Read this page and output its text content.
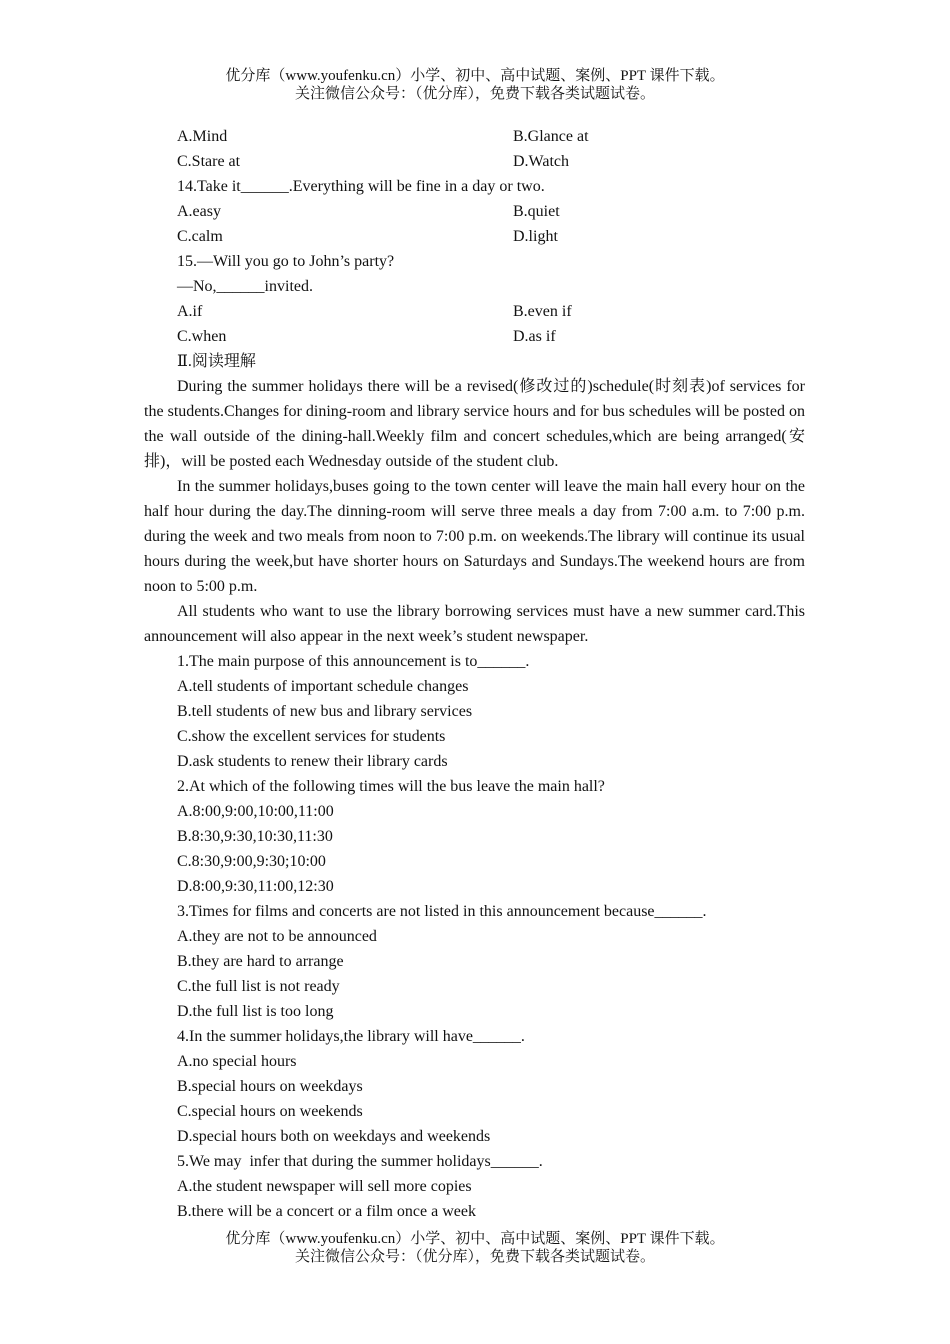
优分库（www.youfenku.cn）小学、初中、高中试题、案例、PPT 课件下载。
关注微信公众号：（优分库），免费下载各类试题试卷。
A.Mind	B.Glance at
C.Stare at	D.Watch
14.Take it______.Everything will be fine in a day or two.
A.easy	B.quiet
C.calm	D.light
15.—Will you go to John’s party?
—No,______invited.
A.if	B.even if
C.when	D.as if
Ⅱ.阅读理解

During the summer holidays there will be a revised(修改过的)schedule(时刻表)of services for the students.Changes for dining-room and library service hours and for bus schedules will be posted on the wall outside of the dining-hall.Weekly film and concert schedules,which are being arranged(安排)，will be posted each Wednesday outside of the student club.

In the summer holidays,buses going to the town center will leave the main hall every hour on the half hour during the day.The dinning-room will serve three meals a day from 7:00 a.m. to 7:00 p.m. during the week and two meals from noon to 7:00 p.m. on weekends.The library will continue its usual hours during the week,but have shorter hours on Saturdays and Sundays.The weekend hours are from noon to 5:00 p.m.

All students who want to use the library borrowing services must have a new summer card.This announcement will also appear in the next week’s student newspaper.

1.The main purpose of this announcement is to______.
A.tell students of important schedule changes
B.tell students of new bus and library services
C.show the excellent services for students
D.ask students to renew their library cards
2.At which of the following times will the bus leave the main hall?
A.8:00,9:00,10:00,11:00
B.8:30,9:30,10:30,11:30
C.8:30,9:00,9:30;10:00
D.8:00,9:30,11:00,12:30
3.Times for films and concerts are not listed in this announcement because______.
A.they are not to be announced
B.they are hard to arrange
C.the full list is not ready
D.the full list is too long
4.In the summer holidays,the library will have______.
A.no special hours
B.special hours on weekdays
C.special hours on weekends
D.special hours both on weekdays and weekends
5.We may  infer that during the summer holidays______.
A.the student newspaper will sell more copies
B.there will be a concert or a film once a week
优分库（www.youfenku.cn）小学、初中、高中试题、案例、PPT 课件下载。
关注微信公众号：（优分库），免费下载各类试题试卷。
